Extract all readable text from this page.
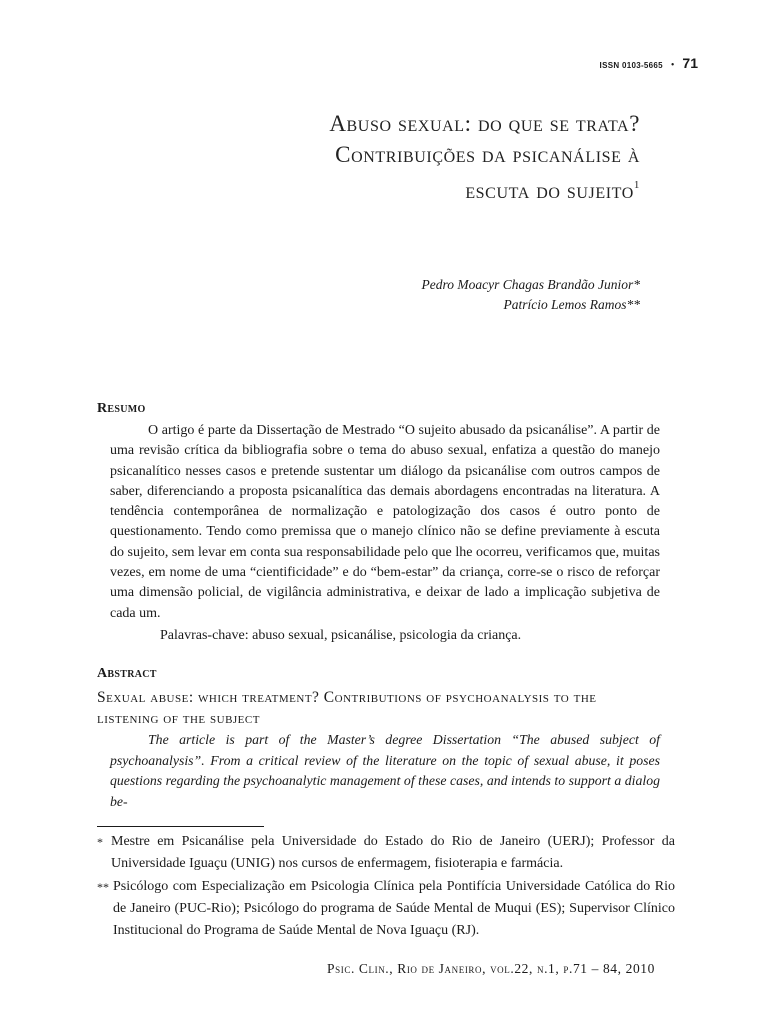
ISSN 0103-5665 • 71
Abuso sexual: do que se trata?
Contribuições da psicanálise à
escuta do sujeito$^1$
Pedro Moacyr Chagas Brandão Junior*
Patrício Lemos Ramos**
Resumo

O artigo é parte da Dissertação de Mestrado “O sujeito abusado da psicanálise”. A partir de uma revisão crítica da bibliografia sobre o tema do abuso sexual, enfatiza a questão do manejo psicanalítico nesses casos e pretende sustentar um diálogo da psicanálise com outros campos de saber, diferenciando a proposta psicanalítica das demais abordagens encontradas na literatura. A tendência contemporânea de normalização e patologização dos casos é outro ponto de questionamento. Tendo como premissa que o manejo clínico não se define previamente à escuta do sujeito, sem levar em conta sua responsabilidade pelo que lhe ocorreu, verificamos que, muitas vezes, em nome de uma “cientificidade” e do “bem-estar” da criança, corre-se o risco de reforçar uma dimensão policial, de vigilância administrativa, e deixar de lado a implicação subjetiva de cada um.

Palavras-chave: abuso sexual, psicanálise, psicologia da criança.
Abstract
Sexual abuse: which treatment? Contributions of psychoanalysis to the listening of the subject

The article is part of the Master’s degree Dissertation “The abused subject of psychoanalysis”. From a critical review of the literature on the topic of sexual abuse, it poses questions regarding the psychoanalytic management of these cases, and intends to support a dialog be-

* Mestre em Psicanálise pela Universidade do Estado do Rio de Janeiro (UERJ); Professor da Universidade Iguaçu (UNIG) nos cursos de enfermagem, fisioterapia e farmácia.
** Psicólogo com Especialização em Psicologia Clínica pela Pontifícia Universidade Católica do Rio de Janeiro (PUC-Rio); Psicólogo do programa de Saúde Mental de Muqui (ES); Supervisor Clínico Institucional do Programa de Saúde Mental de Nova Iguaçu (RJ).
Psic. Clin., Rio de Janeiro, vol.22, n.1, p.71 – 84, 2010
